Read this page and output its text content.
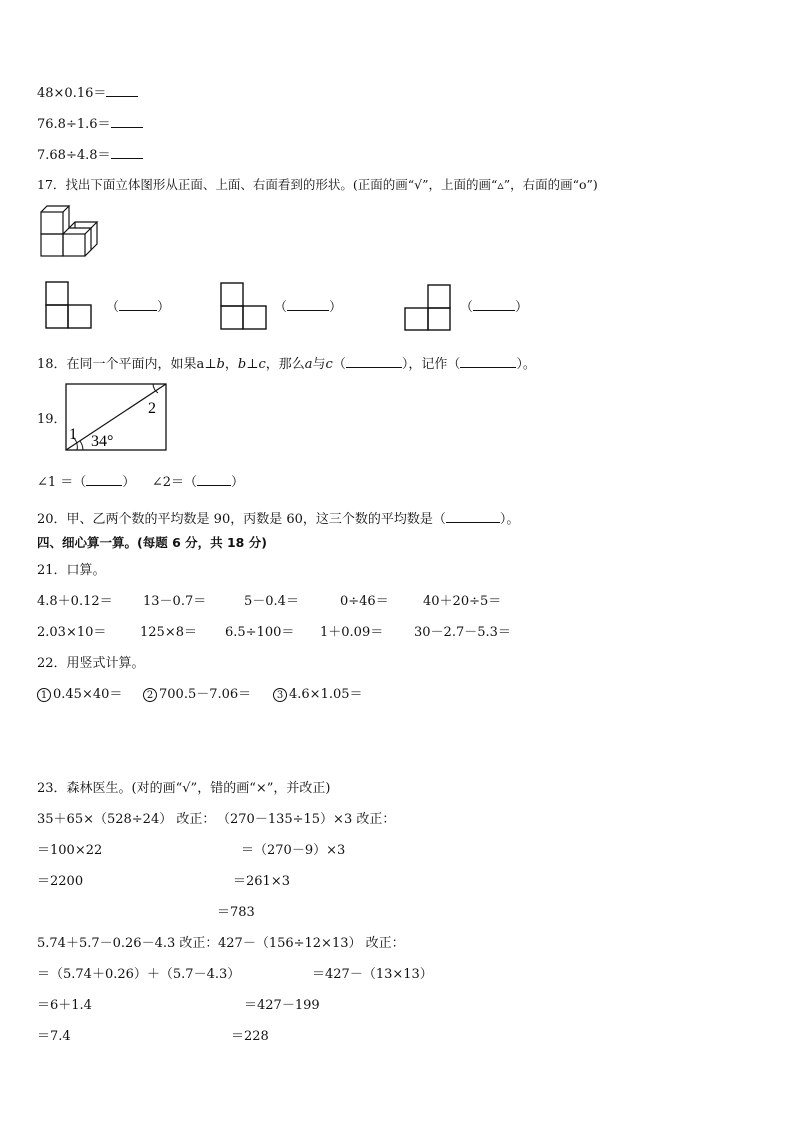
48×0.16＝
76.8÷1.6＝
7.68÷4.8＝
17．找出下面立体图形从正面、上面、右面看到的形状。(正面的画“√”，上面的画“▵”，右面的画“ο”)
（	）	（	）	（	）
18．在同一个平面内，如果a⊥b，b⊥c，那么a与c（	），记作（	）。
19．
1
2
34°
∠1 ＝（	） ∠2＝（	）
20．甲、乙两个数的平均数是 90，丙数是 60，这三个数的平均数是（	）。
四、细心算一算。(每题 6 分，共 18 分)
21．口算。
4.8＋0.12＝ 13－0.7＝	5－0.4＝	0÷46＝	40＋20÷5＝
2.03×10＝	125×8＝ 6.5÷100＝ 1＋0.09＝ 30－2.7－5.3＝
22．用竖式计算。
1 0.45×40＝	2 700.5－7.06＝	3 4.6×1.05＝
23．森林医生。(对的画“√”，错的画“×”，并改正)
35＋65×（528÷24） 改正： （270－135÷15）×3 改正：
＝100×22	＝（270－9）×3
＝2200	＝261×3
＝783
5.74＋5.7－0.26－4.3 改正： 427－（156÷12×13） 改正：
＝（5.74＋0.26）＋（5.7－4.3）	＝427－（13×13）
＝6＋1.4	＝427－199
＝7.4	＝228
